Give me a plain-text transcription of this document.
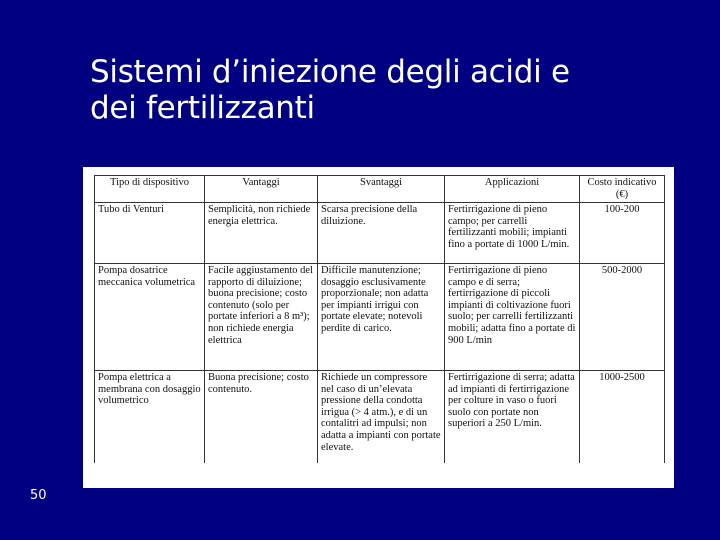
Sistemi d’iniezione degli acidi e
dei fertilizzanti
Tipo di dispositivo	Vantaggi	Svantaggi	Applicazioni	Costo indicativo (€)
Tubo di Venturi	Semplicità, non richiede energia elettrica.	Scarsa precisione della diluizione.	Fertirrigazione di pieno campo; per carrelli fertilizzanti mobili; impianti fino a portate di 1000 L/min.	100-200
Pompa dosatrice meccanica volumetrica	Facile aggiustamento del rapporto di diluizione; buona precisione; costo contenuto (solo per portate inferiori a 8 m³); non richiede energia elettrica	Difficile manutenzione; dosaggio esclusivamente proporzionale; non adatta per impianti irrigui con portate elevate; notevoli perdite di carico.	Fertirrigazione di pieno campo e di serra; fertirrigazione di piccoli impianti di coltivazione fuori suolo; per carrelli fertilizzanti mobili; adatta fino a portate di 900 L/min	500-2000
Pompa elettrica a membrana con dosaggio volumetrico	Buona precisione; costo contenuto.	Richiede un compressore nel caso di un’elevata pressione della condotta irrigua (> 4 atm.), e di un contalitri ad impulsi; non adatta a impianti con portate elevate.	Fertirrigazione di serra; adatta ad impianti di fertirrigazione per colture in vaso o fuori suolo con portate non superiori a 250 L/min.	1000-2500
50
